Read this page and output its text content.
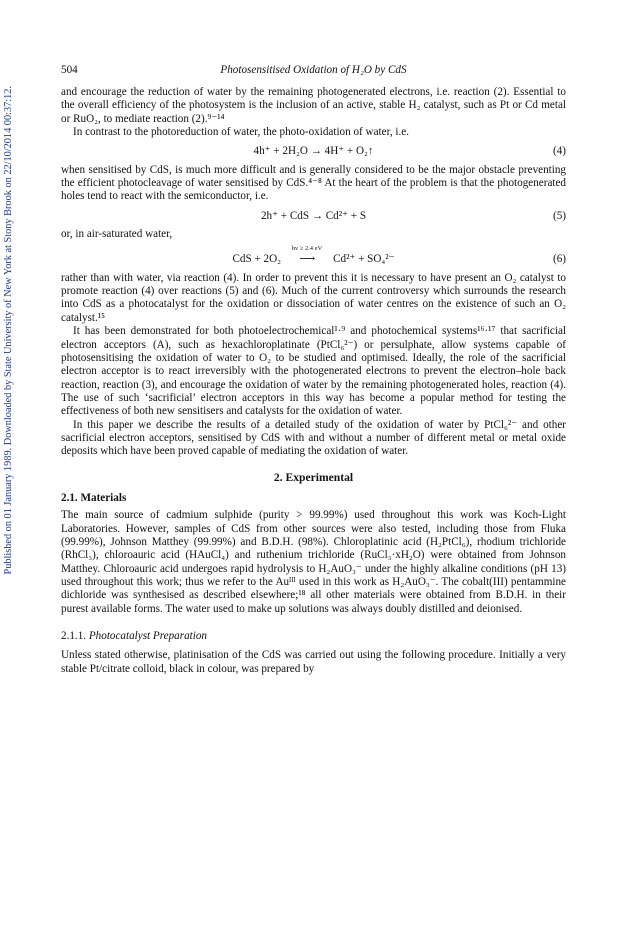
Published on 01 January 1989. Downloaded by State University of New York at Stony Brook on 22/10/2014 00:37:12.
504	Photosensitised Oxidation of H₂O by CdS

and encourage the reduction of water by the remaining photogenerated electrons, i.e. reaction (2). Essential to the overall efficiency of the photosystem is the inclusion of an active, stable H₂ catalyst, such as Pt or Cd metal or RuO₂, to mediate reaction (2).⁹⁻¹⁴

In contrast to the photoreduction of water, the photo-oxidation of water, i.e.

4h⁺ + 2H₂O → 4H⁺ + O₂↑	(4)

when sensitised by CdS, is much more difficult and is generally considered to be the major obstacle preventing the efficient photocleavage of water sensitised by CdS.⁴⁻⁸ At the heart of the problem is that the photogenerated holes tend to react with the semiconductor, i.e.

2h⁺ + CdS → Cd²⁺ + S	(5)

or, in air-saturated water,

CdS + 2O₂
hν ≥ 2.4 eV
⟶	Cd²⁺ + SO₄²⁻	(6)

rather than with water, via reaction (4). In order to prevent this it is necessary to have present an O₂ catalyst to promote reaction (4) over reactions (5) and (6). Much of the current controversy which surrounds the research into CdS as a photocatalyst for the oxidation or dissociation of water centres on the existence of such an O₂ catalyst.¹⁵

It has been demonstrated for both photoelectrochemical¹·⁹ and photochemical systems¹⁶·¹⁷ that sacrificial electron acceptors (A), such as hexachloroplatinate (PtCl₆²⁻) or persulphate, allow systems capable of photosensitising the oxidation of water to O₂ to be studied and optimised. Ideally, the role of the sacrificial electron acceptor is to react irreversibly with the photogenerated electrons to prevent the electron–hole back reaction, reaction (3), and encourage the oxidation of water by the remaining photogenerated holes, reaction (4). The use of such ‘sacrificial’ electron acceptors in this way has become a popular method for testing the effectiveness of both new sensitisers and catalysts for the oxidation of water.

In this paper we describe the results of a detailed study of the oxidation of water by PtCl₆²⁻ and other sacrificial electron acceptors, sensitised by CdS with and without a number of different metal or metal oxide deposits which have been proved capable of mediating the oxidation of water.

2. Experimental
2.1. Materials

The main source of cadmium sulphide (purity > 99.99%) used throughout this work was Koch-Light Laboratories. However, samples of CdS from other sources were also tested, including those from Fluka (99.99%), Johnson Matthey (99.99%) and B.D.H. (98%). Chloroplatinic acid (H₂PtCl₆), rhodium trichloride (RhCl₃), chloroauric acid (HAuCl₄) and ruthenium trichloride (RuCl₃·xH₂O) were obtained from Johnson Matthey. Chloroauric acid undergoes rapid hydrolysis to H₂AuO₃⁻ under the highly alkaline conditions (pH 13) used throughout this work; thus we refer to the Auᴵᴵᴵ used in this work as H₂AuO₃⁻. The cobalt(III) pentammine dichloride was synthesised as described elsewhere;¹⁸ all other materials were obtained from B.D.H. in their purest available forms. The water used to make up solutions was always doubly distilled and deionised.

2.1.1. Photocatalyst Preparation

Unless stated otherwise, platinisation of the CdS was carried out using the following procedure. Initially a very stable Pt/citrate colloid, black in colour, was prepared by
